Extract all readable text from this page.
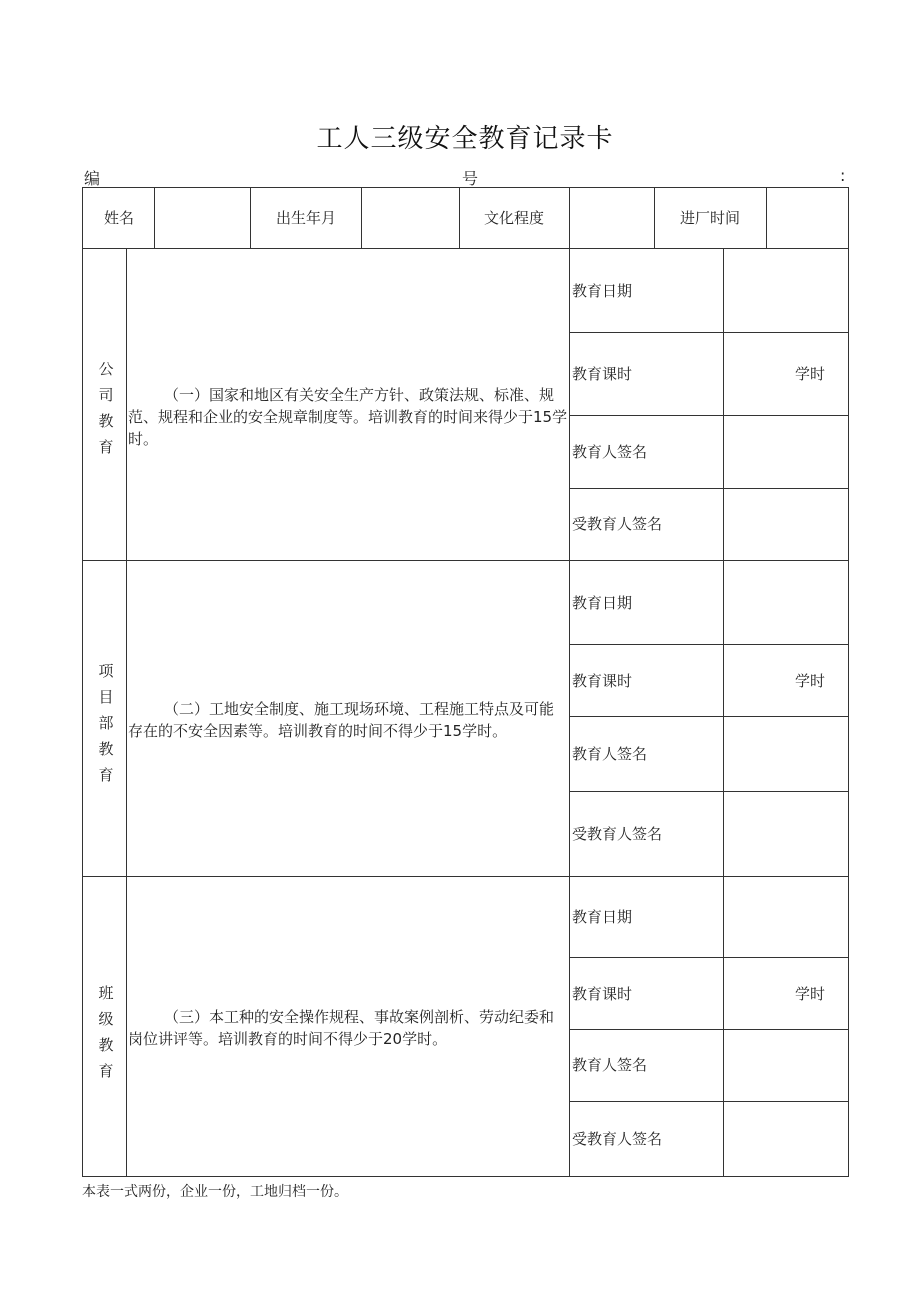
工人三级安全教育记录卡
编	号	:
姓名	出生年月	文化程度	进厂时间
公
司
教
育
（一）国家和地区有关安全生产方针、政策法规、标准、规范、规程和企业的安全规章制度等。培训教育的时间来得少于15学时。
教育日期
教育课时	学时
教育人签名
受教育人签名
项
目
部
教
育
（二）工地安全制度、施工现场环境、工程施工特点及可能存在的不安全因素等。培训教育的时间不得少于15学时。
教育日期
教育课时	学时
教育人签名
受教育人签名
班
级
教
育
（三）本工种的安全操作规程、事故案例剖析、劳动纪委和岗位讲评等。培训教育的时间不得少于20学时。
教育日期
教育课时	学时
教育人签名
受教育人签名
本表一式两份，企业一份，工地归档一份。
